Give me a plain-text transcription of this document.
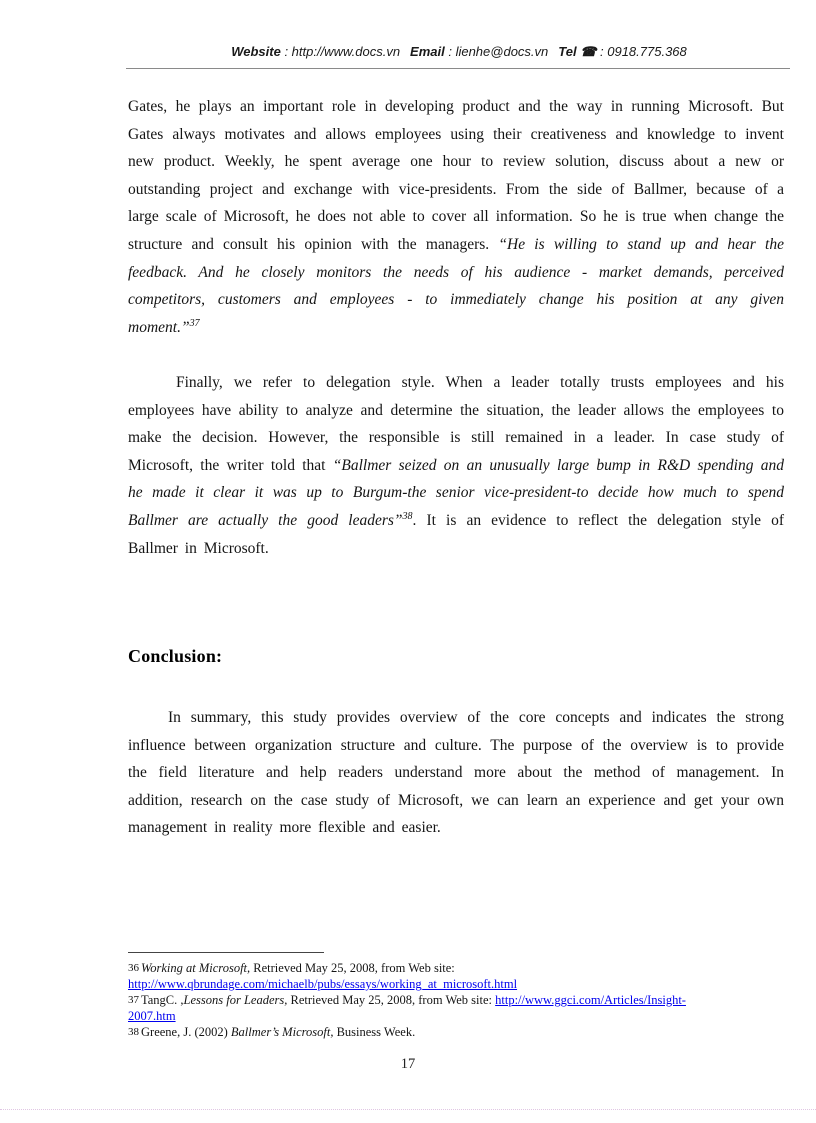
Website : http://www.docs.vn Email : lienhe@docs.vn Tel ☎ : 0918.775.368
Gates, he plays an important role in developing product and the way in running Microsoft. But Gates always motivates and allows employees using their creativeness and knowledge to invent new product. Weekly, he spent average one hour to review solution, discuss about a new or outstanding project and exchange with vice-presidents. From the side of Ballmer, because of a large scale of Microsoft, he does not able to cover all information. So he is true when change the structure and consult his opinion with the managers. “He is willing to stand up and hear the feedback. And he closely monitors the needs of his audience - market demands, perceived competitors, customers and employees - to immediately change his position at any given moment.”$^{37}$
Finally, we refer to delegation style. When a leader totally trusts employees and his employees have ability to analyze and determine the situation, the leader allows the employees to make the decision. However, the responsible is still remained in a leader. In case study of Microsoft, the writer told that “Ballmer seized on an unusually large bump in R&D spending and he made it clear it was up to Burgum-the senior vice-president-to decide how much to spend Ballmer are actually the good leaders”$^{38}$. It is an evidence to reflect the delegation style of Ballmer in Microsoft.
Conclusion:
In summary, this study provides overview of the core concepts and indicates the strong influence between organization structure and culture. The purpose of the overview is to provide the field literature and help readers understand more about the method of management. In addition, research on the case study of Microsoft, we can learn an experience and get your own management in reality more flexible and easier.
36 Working at Microsoft, Retrieved May 25, 2008, from Web site:
http://www.qbrundage.com/michaelb/pubs/essays/working_at_microsoft.html
37 TangC. ,Lessons for Leaders, Retrieved May 25, 2008, from Web site: http://www.ggci.com/Articles/Insight-
2007.htm
38 Greene, J. (2002) Ballmer’s Microsoft, Business Week.
17
